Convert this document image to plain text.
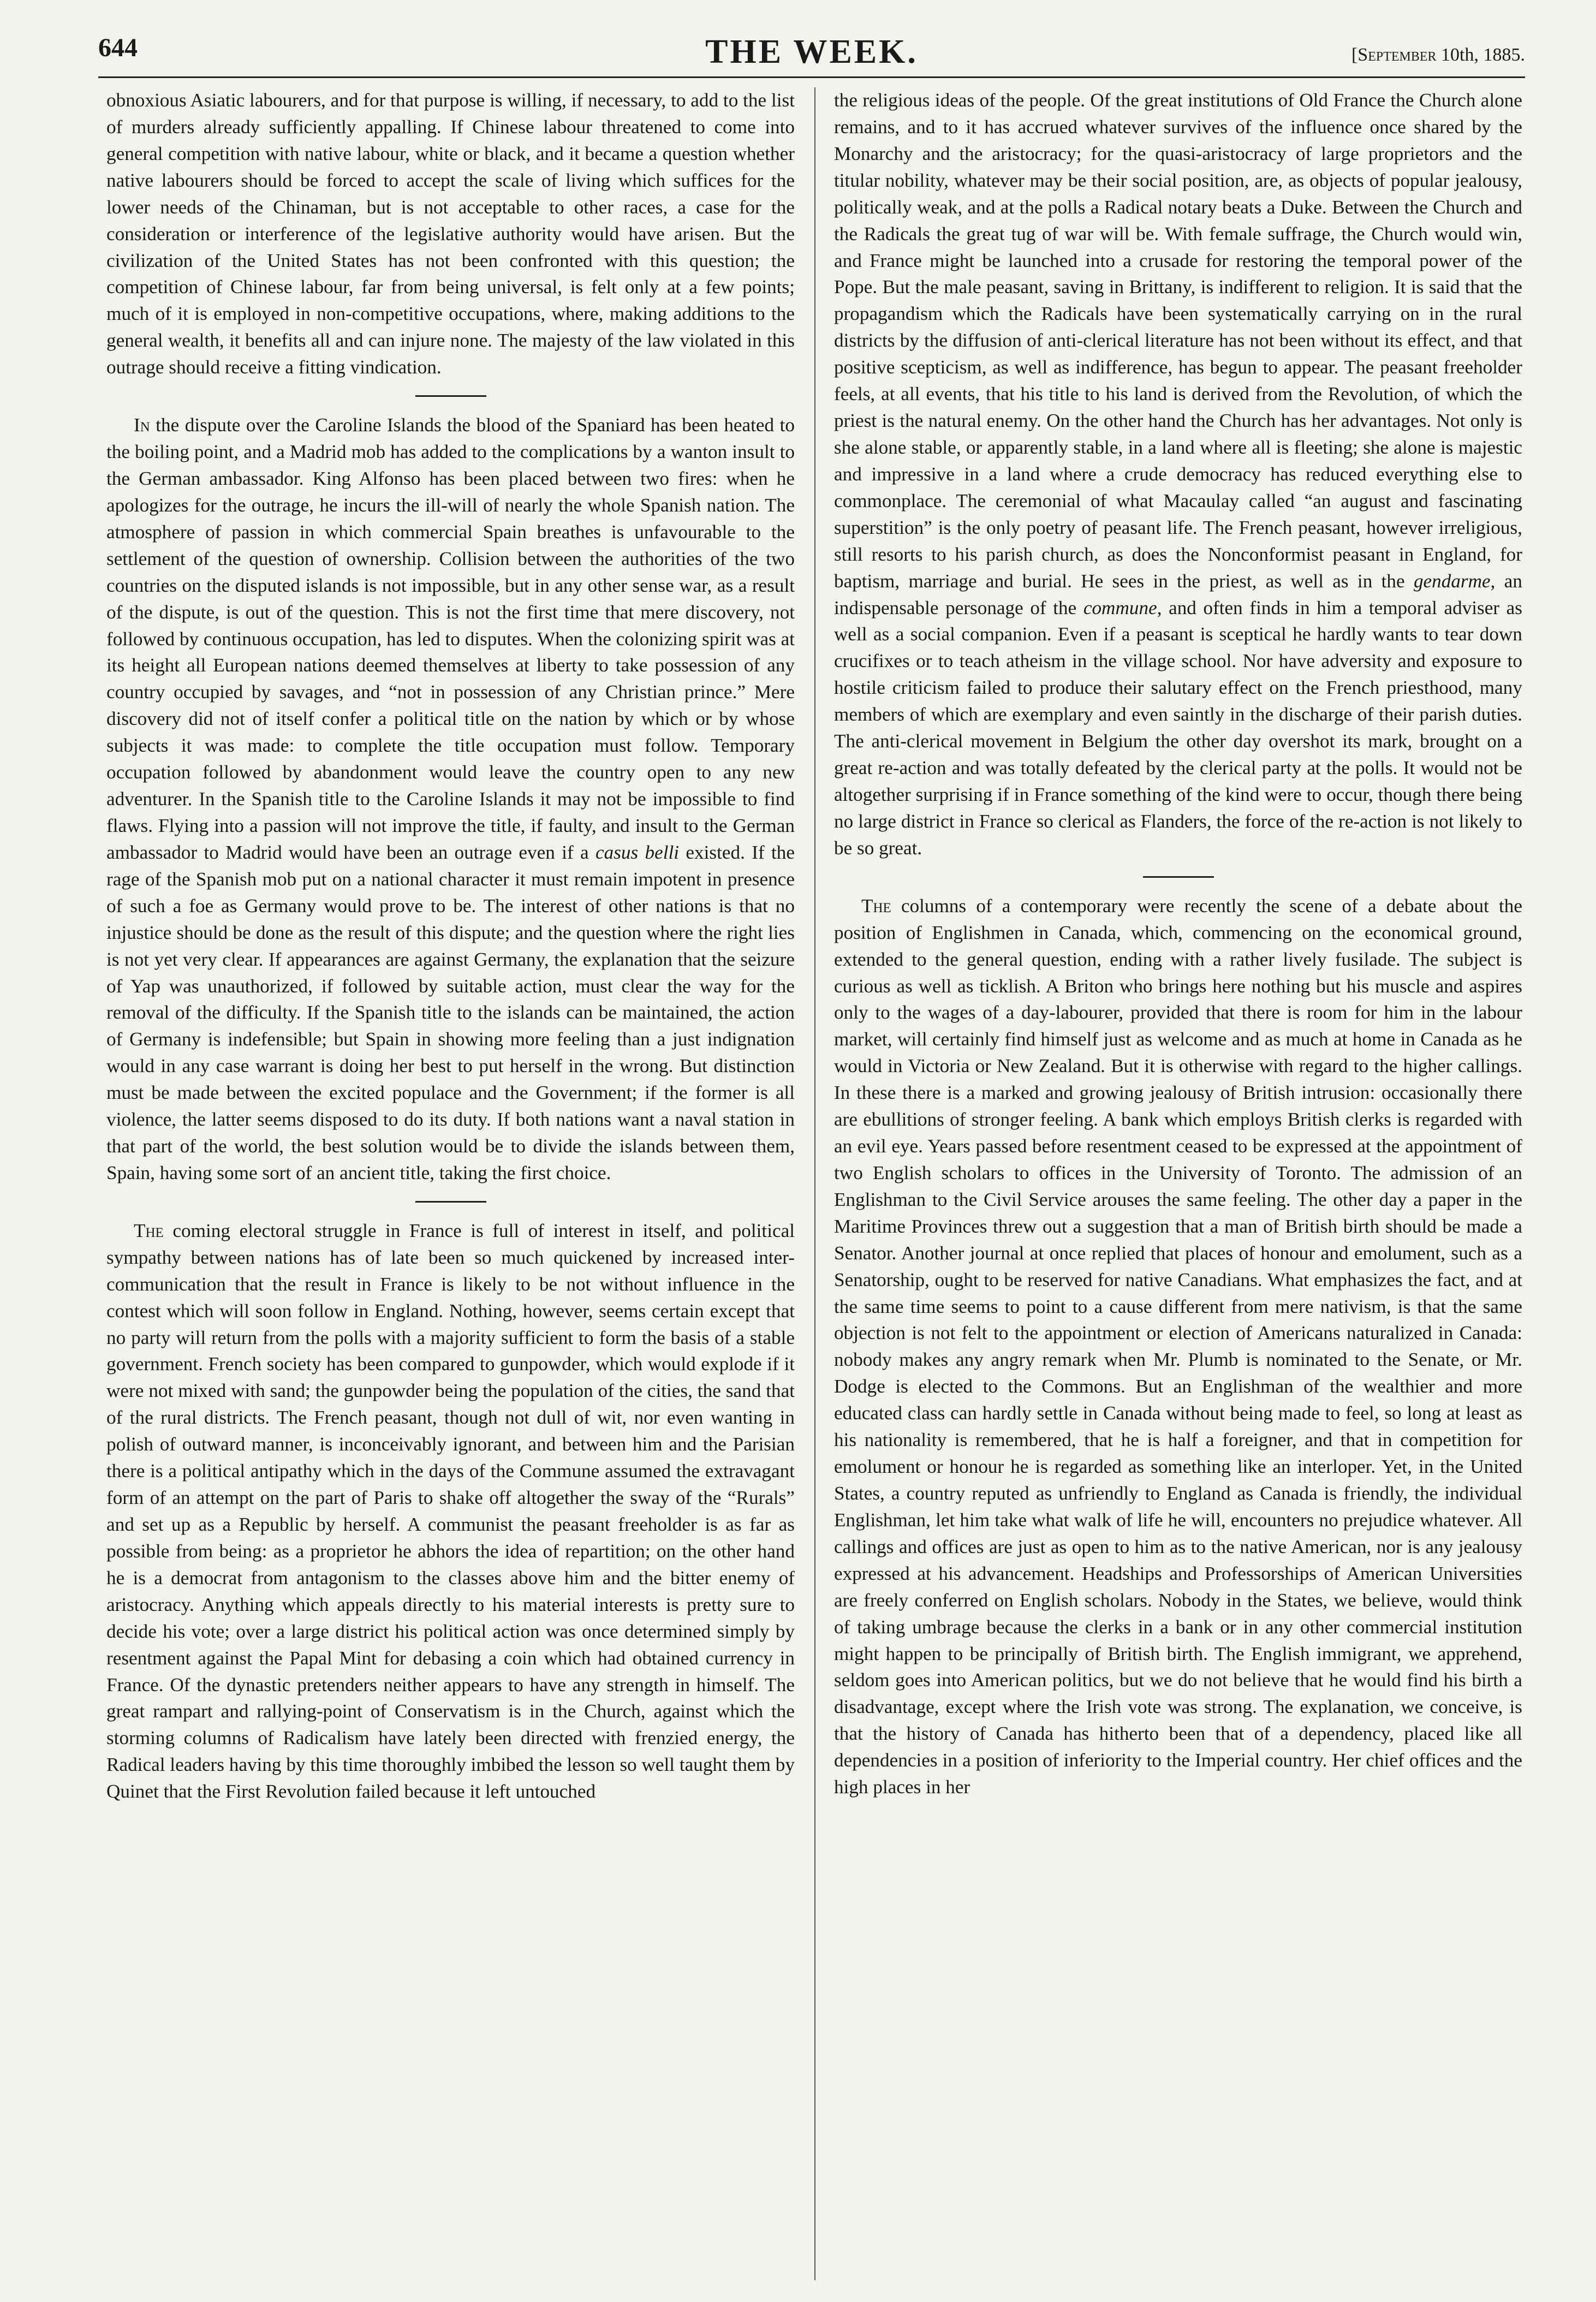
644	THE WEEK.	[September 10th, 1885.

obnoxious Asiatic labourers, and for that purpose is willing, if necessary, to add to the list of murders already sufficiently appalling. If Chinese labour threatened to come into general competition with native labour, white or black, and it became a question whether native labourers should be forced to accept the scale of living which suffices for the lower needs of the Chinaman, but is not acceptable to other races, a case for the consideration or interference of the legislative authority would have arisen. But the civilization of the United States has not been confronted with this question; the competition of Chinese labour, far from being universal, is felt only at a few points; much of it is employed in non-competitive occupations, where, making additions to the general wealth, it benefits all and can injure none. The majesty of the law violated in this outrage should receive a fitting vindication.

In the dispute over the Caroline Islands the blood of the Spaniard has been heated to the boiling point, and a Madrid mob has added to the complications by a wanton insult to the German ambassador. King Alfonso has been placed between two fires: when he apologizes for the outrage, he incurs the ill-will of nearly the whole Spanish nation. The atmosphere of passion in which commercial Spain breathes is unfavourable to the settlement of the question of ownership. Collision between the authorities of the two countries on the disputed islands is not impossible, but in any other sense war, as a result of the dispute, is out of the question. This is not the first time that mere discovery, not followed by continuous occupation, has led to disputes. When the colonizing spirit was at its height all European nations deemed themselves at liberty to take possession of any country occupied by savages, and “not in possession of any Christian prince.” Mere discovery did not of itself confer a political title on the nation by which or by whose subjects it was made: to complete the title occupation must follow. Temporary occupation followed by abandonment would leave the country open to any new adventurer. In the Spanish title to the Caroline Islands it may not be impossible to find flaws. Flying into a passion will not improve the title, if faulty, and insult to the German ambassador to Madrid would have been an outrage even if a casus belli existed. If the rage of the Spanish mob put on a national character it must remain impotent in presence of such a foe as Germany would prove to be. The interest of other nations is that no injustice should be done as the result of this dispute; and the question where the right lies is not yet very clear. If appearances are against Germany, the explanation that the seizure of Yap was unauthorized, if followed by suitable action, must clear the way for the removal of the difficulty. If the Spanish title to the islands can be maintained, the action of Germany is indefensible; but Spain in showing more feeling than a just indignation would in any case warrant is doing her best to put herself in the wrong. But distinction must be made between the excited populace and the Government; if the former is all violence, the latter seems disposed to do its duty. If both nations want a naval station in that part of the world, the best solution would be to divide the islands between them, Spain, having some sort of an ancient title, taking the first choice.

The coming electoral struggle in France is full of interest in itself, and political sympathy between nations has of late been so much quickened by increased inter-communication that the result in France is likely to be not without influence in the contest which will soon follow in England. Nothing, however, seems certain except that no party will return from the polls with a majority sufficient to form the basis of a stable government. French society has been compared to gunpowder, which would explode if it were not mixed with sand; the gunpowder being the population of the cities, the sand that of the rural districts. The French peasant, though not dull of wit, nor even wanting in polish of outward manner, is inconceivably ignorant, and between him and the Parisian there is a political antipathy which in the days of the Commune assumed the extravagant form of an attempt on the part of Paris to shake off altogether the sway of the “Rurals” and set up as a Republic by herself. A communist the peasant freeholder is as far as possible from being: as a proprietor he abhors the idea of repartition; on the other hand he is a democrat from antagonism to the classes above him and the bitter enemy of aristocracy. Anything which appeals directly to his material interests is pretty sure to decide his vote; over a large district his political action was once determined simply by resentment against the Papal Mint for debasing a coin which had obtained currency in France. Of the dynastic pretenders neither appears to have any strength in himself. The great rampart and rallying-point of Conservatism is in the Church, against which the storming columns of Radicalism have lately been directed with frenzied energy, the Radical leaders having by this time thoroughly imbibed the lesson so well taught them by Quinet that the First Revolution failed because it left untouched

the religious ideas of the people. Of the great institutions of Old France the Church alone remains, and to it has accrued whatever survives of the influence once shared by the Monarchy and the aristocracy; for the quasi-aristocracy of large proprietors and the titular nobility, whatever may be their social position, are, as objects of popular jealousy, politically weak, and at the polls a Radical notary beats a Duke. Between the Church and the Radicals the great tug of war will be. With female suffrage, the Church would win, and France might be launched into a crusade for restoring the temporal power of the Pope. But the male peasant, saving in Brittany, is indifferent to religion. It is said that the propagandism which the Radicals have been systematically carrying on in the rural districts by the diffusion of anti-clerical literature has not been without its effect, and that positive scepticism, as well as indifference, has begun to appear. The peasant freeholder feels, at all events, that his title to his land is derived from the Revolution, of which the priest is the natural enemy. On the other hand the Church has her advantages. Not only is she alone stable, or apparently stable, in a land where all is fleeting; she alone is majestic and impressive in a land where a crude democracy has reduced everything else to commonplace. The ceremonial of what Macaulay called “an august and fascinating superstition” is the only poetry of peasant life. The French peasant, however irreligious, still resorts to his parish church, as does the Nonconformist peasant in England, for baptism, marriage and burial. He sees in the priest, as well as in the gendarme, an indispensable personage of the commune, and often finds in him a temporal adviser as well as a social companion. Even if a peasant is sceptical he hardly wants to tear down crucifixes or to teach atheism in the village school. Nor have adversity and exposure to hostile criticism failed to produce their salutary effect on the French priesthood, many members of which are exemplary and even saintly in the discharge of their parish duties. The anti-clerical movement in Belgium the other day overshot its mark, brought on a great re-action and was totally defeated by the clerical party at the polls. It would not be altogether surprising if in France something of the kind were to occur, though there being no large district in France so clerical as Flanders, the force of the re-action is not likely to be so great.

The columns of a contemporary were recently the scene of a debate about the position of Englishmen in Canada, which, commencing on the economical ground, extended to the general question, ending with a rather lively fusilade. The subject is curious as well as ticklish. A Briton who brings here nothing but his muscle and aspires only to the wages of a day-labourer, provided that there is room for him in the labour market, will certainly find himself just as welcome and as much at home in Canada as he would in Victoria or New Zealand. But it is otherwise with regard to the higher callings. In these there is a marked and growing jealousy of British intrusion: occasionally there are ebullitions of stronger feeling. A bank which employs British clerks is regarded with an evil eye. Years passed before resentment ceased to be expressed at the appointment of two English scholars to offices in the University of Toronto. The admission of an Englishman to the Civil Service arouses the same feeling. The other day a paper in the Maritime Provinces threw out a suggestion that a man of British birth should be made a Senator. Another journal at once replied that places of honour and emolument, such as a Senatorship, ought to be reserved for native Canadians. What emphasizes the fact, and at the same time seems to point to a cause different from mere nativism, is that the same objection is not felt to the appointment or election of Americans naturalized in Canada: nobody makes any angry remark when Mr. Plumb is nominated to the Senate, or Mr. Dodge is elected to the Commons. But an Englishman of the wealthier and more educated class can hardly settle in Canada without being made to feel, so long at least as his nationality is remembered, that he is half a foreigner, and that in competition for emolument or honour he is regarded as something like an interloper. Yet, in the United States, a country reputed as unfriendly to England as Canada is friendly, the individual Englishman, let him take what walk of life he will, encounters no prejudice whatever. All callings and offices are just as open to him as to the native American, nor is any jealousy expressed at his advancement. Headships and Professorships of American Universities are freely conferred on English scholars. Nobody in the States, we believe, would think of taking umbrage because the clerks in a bank or in any other commercial institution might happen to be principally of British birth. The English immigrant, we apprehend, seldom goes into American politics, but we do not believe that he would find his birth a disadvantage, except where the Irish vote was strong. The explanation, we conceive, is that the history of Canada has hitherto been that of a dependency, placed like all dependencies in a position of inferiority to the Imperial country. Her chief offices and the high places in her
